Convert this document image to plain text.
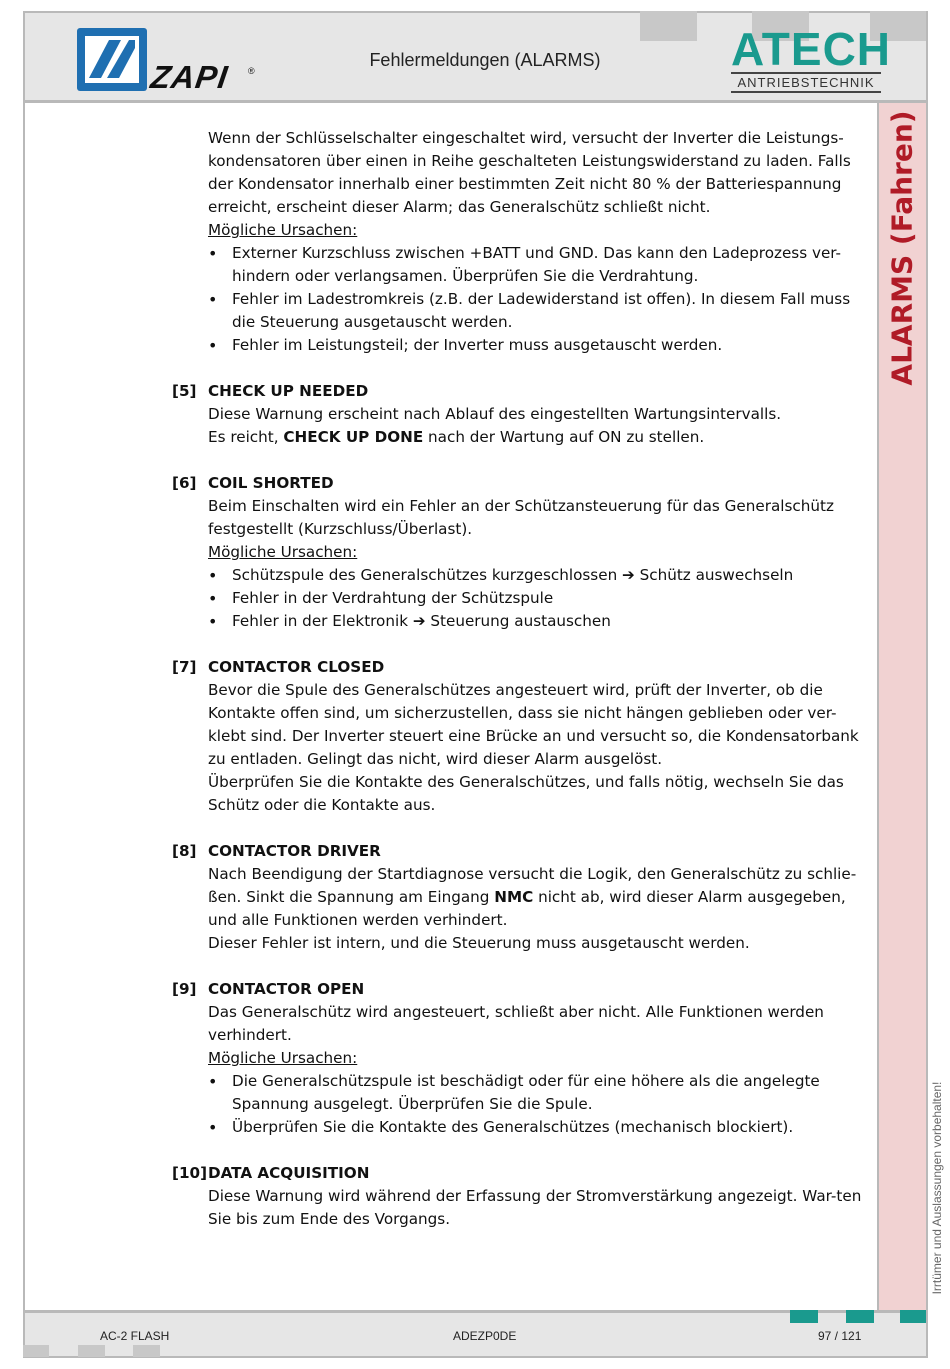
ZAPI ®
Fehlermeldungen (ALARMS)	ATECH
ANTRIEBSTECHNIK
ALARMS (Fahren)
Irrtümer und Auslassungen vorbehalten!
Wenn der Schlüsselschalter eingeschaltet wird, versucht der Inverter die Leistungs-kondensatoren über einen in Reihe geschalteten Leistungswiderstand zu laden. Falls der Kondensator innerhalb einer bestimmten Zeit nicht 80 % der Batteriespannung erreicht, erscheint dieser Alarm; das Generalschütz schließt nicht.
Mögliche Ursachen:
• Externer Kurzschluss zwischen +BATT und GND. Das kann den Ladeprozess ver-hindern oder verlangsamen. Überprüfen Sie die Verdrahtung.
• Fehler im Ladestromkreis (z.B. der Ladewiderstand ist offen). In diesem Fall muss die Steuerung ausgetauscht werden.
• Fehler im Leistungsteil; der Inverter muss ausgetauscht werden.
[5] CHECK UP NEEDED
Diese Warnung erscheint nach Ablauf des eingestellten Wartungsintervalls.
Es reicht, CHECK UP DONE nach der Wartung auf ON zu stellen.
[6] COIL SHORTED
Beim Einschalten wird ein Fehler an der Schützansteuerung für das Generalschütz festgestellt (Kurzschluss/Überlast).
Mögliche Ursachen:
• Schützspule des Generalschützes kurzgeschlossen ➔ Schütz auswechseln
• Fehler in der Verdrahtung der Schützspule
• Fehler in der Elektronik ➔ Steuerung austauschen
[7] CONTACTOR CLOSED
Bevor die Spule des Generalschützes angesteuert wird, prüft der Inverter, ob die Kontakte offen sind, um sicherzustellen, dass sie nicht hängen geblieben oder ver-klebt sind. Der Inverter steuert eine Brücke an und versucht so, die Kondensatorbank zu entladen. Gelingt das nicht, wird dieser Alarm ausgelöst.
Überprüfen Sie die Kontakte des Generalschützes, und falls nötig, wechseln Sie das Schütz oder die Kontakte aus.
[8] CONTACTOR DRIVER
Nach Beendigung der Startdiagnose versucht die Logik, den Generalschütz zu schlie-ßen. Sinkt die Spannung am Eingang NMC nicht ab, wird dieser Alarm ausgegeben, und alle Funktionen werden verhindert.
Dieser Fehler ist intern, und die Steuerung muss ausgetauscht werden.
[9] CONTACTOR OPEN
Das Generalschütz wird angesteuert, schließt aber nicht. Alle Funktionen werden verhindert.
Mögliche Ursachen:
• Die Generalschützspule ist beschädigt oder für eine höhere als die angelegte Spannung ausgelegt. Überprüfen Sie die Spule.
• Überprüfen Sie die Kontakte des Generalschützes (mechanisch blockiert).
[10] DATA ACQUISITION
Diese Warnung wird während der Erfassung der Stromverstärkung angezeigt. War-ten Sie bis zum Ende des Vorgangs.
AC-2 FLASH	ADEZP0DE	97 / 121
